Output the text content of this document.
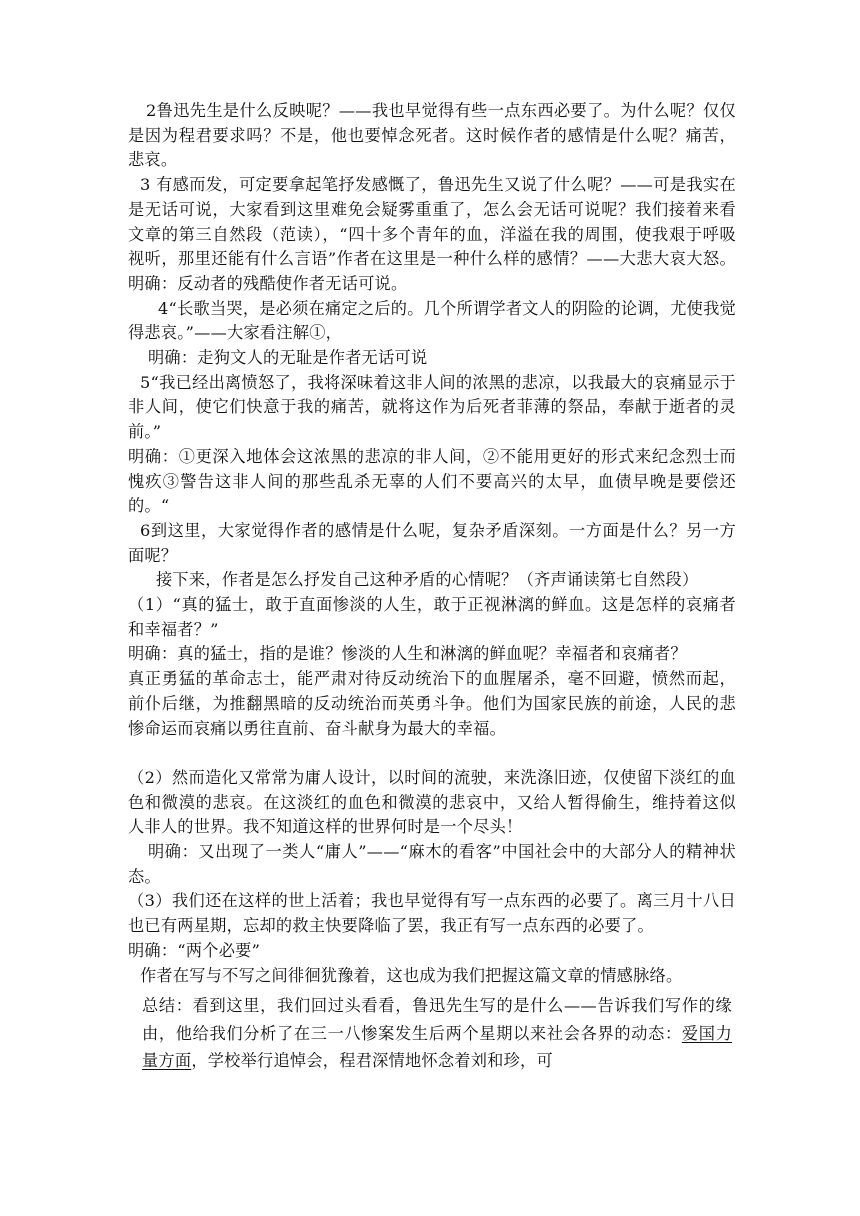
2鲁迅先生是什么反映呢？——我也早觉得有些一点东西必要了。为什么呢？仅仅是因为程君要求吗？不是，他也要悼念死者。这时候作者的感情是什么呢？痛苦，悲哀。

3 有感而发，可定要拿起笔抒发感慨了，鲁迅先生又说了什么呢？——可是我实在是无话可说，大家看到这里难免会疑雾重重了，怎么会无话可说呢？我们接着来看文章的第三自然段（范读），“四十多个青年的血，洋溢在我的周围，使我艰于呼吸视听，那里还能有什么言语”作者在这里是一种什么样的感情？——大悲大哀大怒。明确：反动者的残酷使作者无话可说。

4“长歌当哭，是必须在痛定之后的。几个所谓学者文人的阴险的论调，尤使我觉得悲哀。”——大家看注解①，

明确：走狗文人的无耻是作者无话可说

5“我已经出离愤怒了，我将深味着这非人间的浓黑的悲凉，以我最大的哀痛显示于非人间，使它们快意于我的痛苦，就将这作为后死者菲薄的祭品，奉献于逝者的灵前。”

明确：①更深入地体会这浓黑的悲凉的非人间，②不能用更好的形式来纪念烈士而愧疚③警告这非人间的那些乱杀无辜的人们不要高兴的太早，血债早晚是要偿还的。“

6到这里，大家觉得作者的感情是什么呢，复杂矛盾深刻。一方面是什么？另一方面呢？

接下来，作者是怎么抒发自己这种矛盾的心情呢？（齐声诵读第七自然段）

（1）“真的猛士，敢于直面惨淡的人生，敢于正视淋漓的鲜血。这是怎样的哀痛者和幸福者？”

明确：真的猛士，指的是谁？惨淡的人生和淋漓的鲜血呢？幸福者和哀痛者？

真正勇猛的革命志士，能严肃对待反动统治下的血腥屠杀，毫不回避，愤然而起，前仆后继，为推翻黑暗的反动统治而英勇斗争。他们为国家民族的前途，人民的悲惨命运而哀痛以勇往直前、奋斗献身为最大的幸福。

（2）然而造化又常常为庸人设计，以时间的流驶，来洗涤旧迹，仅使留下淡红的血色和微漠的悲哀。在这淡红的血色和微漠的悲哀中，又给人暂得偷生，维持着这似人非人的世界。我不知道这样的世界何时是一个尽头！

明确：又出现了一类人“庸人”——“麻木的看客”中国社会中的大部分人的精神状态。

（3）我们还在这样的世上活着；我也早觉得有写一点东西的必要了。离三月十八日也已有两星期，忘却的救主快要降临了罢，我正有写一点东西的必要了。

明确：“两个必要”

作者在写与不写之间徘徊犹豫着，这也成为我们把握这篇文章的情感脉络。

总结：看到这里，我们回过头看看，鲁迅先生写的是什么——告诉我们写作的缘由，他给我们分析了在三一八惨案发生后两个星期以来社会各界的动态：爱国力量方面，学校举行追悼会，程君深情地怀念着刘和珍，可
